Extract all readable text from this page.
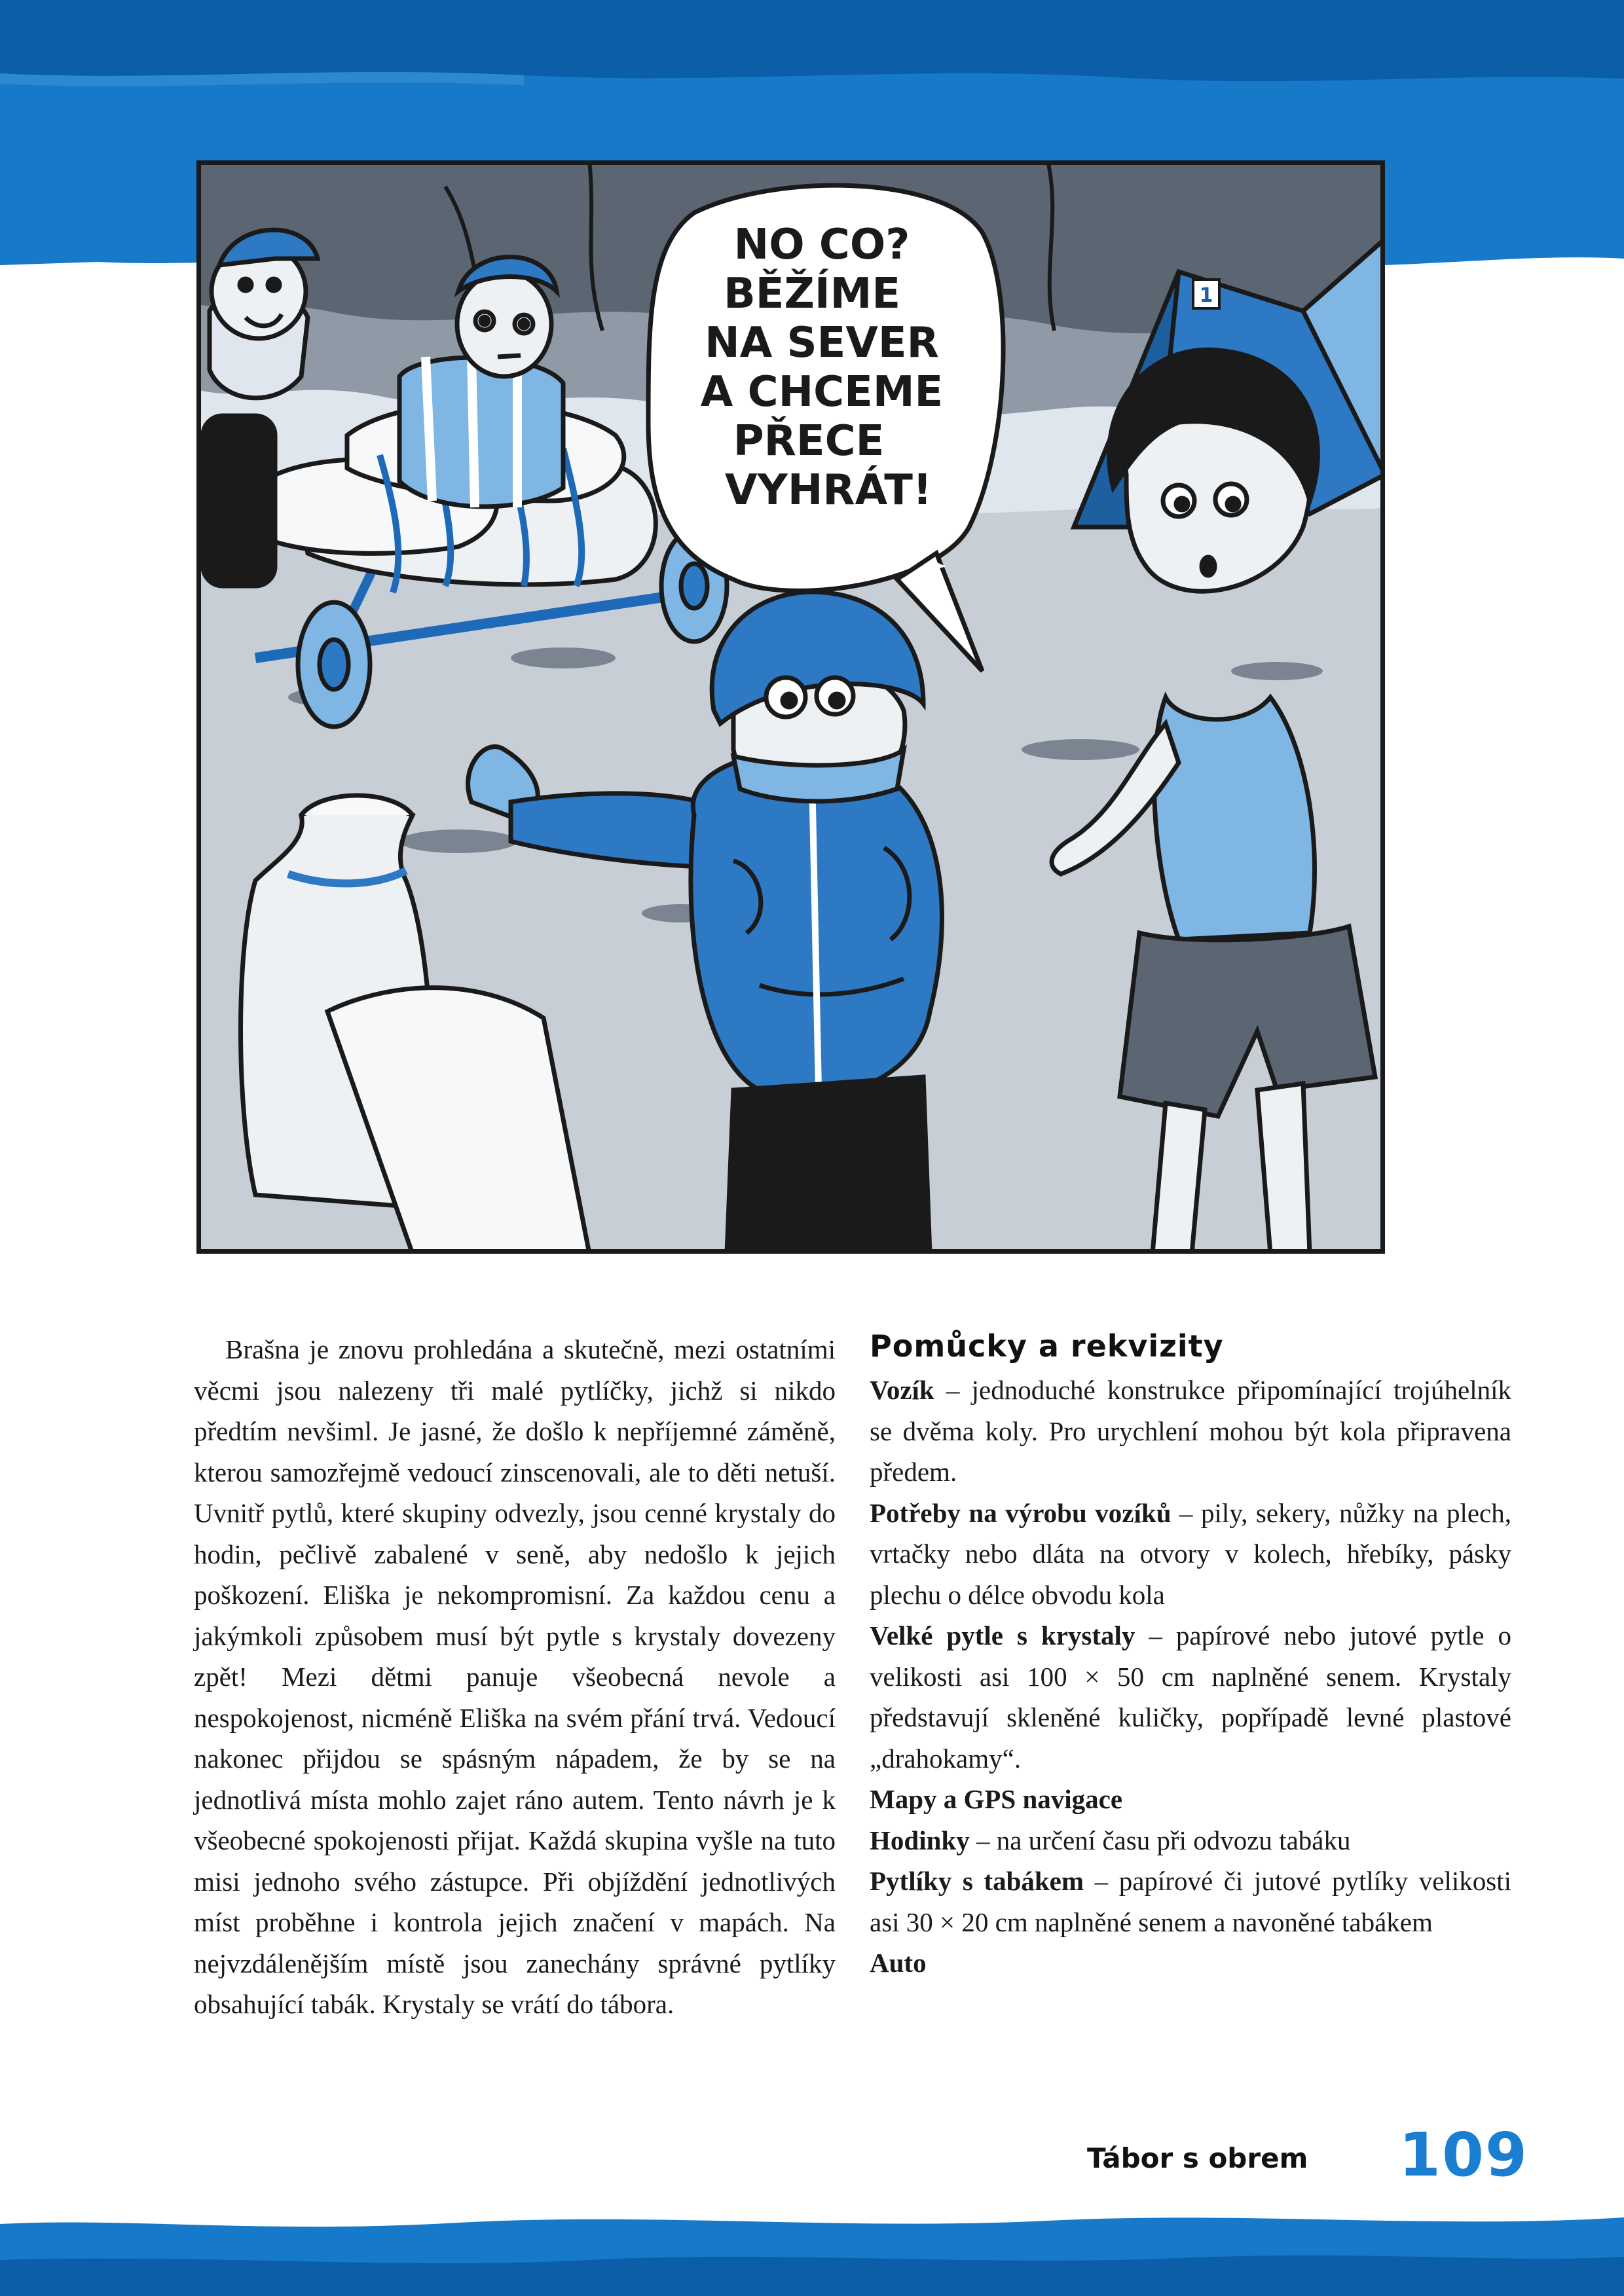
1
NO CO?
BĚŽÍME
NA SEVER
A CHCEME
PŘECE
VYHRÁT!

Brašna je znovu prohledána a skutečně, mezi ostatními věcmi jsou nalezeny tři malé pytlíčky, jichž si nikdo předtím nevšiml. Je jasné, že došlo k nepříjemné záměně, kterou samozřejmě vedoucí zinscenovali, ale to děti netuší. Uvnitř pytlů, které skupiny odvezly, jsou cenné krystaly do hodin, pečlivě zabalené v seně, aby nedošlo k jejich poškození. Eliška je nekompromisní. Za každou cenu a jakýmkoli způsobem musí být pytle s krystaly dovezeny zpět! Mezi dětmi panuje všeobecná nevole a nespokojenost, nicméně Eliška na svém přání trvá. Vedoucí nakonec přijdou se spásným nápadem, že by se na jednotlivá místa mohlo zajet ráno autem. Tento návrh je k všeobecné spokojenosti přijat. Každá skupina vyšle na tuto misi jednoho svého zástupce. Při objíždění jednotlivých míst proběhne i kontrola jejich značení v mapách. Na nejvzdálenějším místě jsou zanechány správné pytlíky obsahující tabák. Krystaly se vrátí do tábora.

Pomůcky a rekvizity

Vozík – jednoduché konstrukce připomínající trojúhelník se dvěma koly. Pro urychlení mohou být kola připravena předem.

Potřeby na výrobu vozíků – pily, sekery, nůžky na plech, vrtačky nebo dláta na otvory v kolech, hřebíky, pásky plechu o délce obvodu kola

Velké pytle s krystaly – papírové nebo jutové pytle o velikosti asi 100 × 50 cm naplněné senem. Krystaly představují skleněné kuličky, popřípadě levné plastové „drahokamy“.

Mapy a GPS navigace

Hodinky – na určení času při odvozu tabáku

Pytlíky s tabákem – papírové či jutové pytlíky velikosti asi 30 × 20 cm naplněné senem a navoněné tabákem

Auto

Tábor s obrem 109
